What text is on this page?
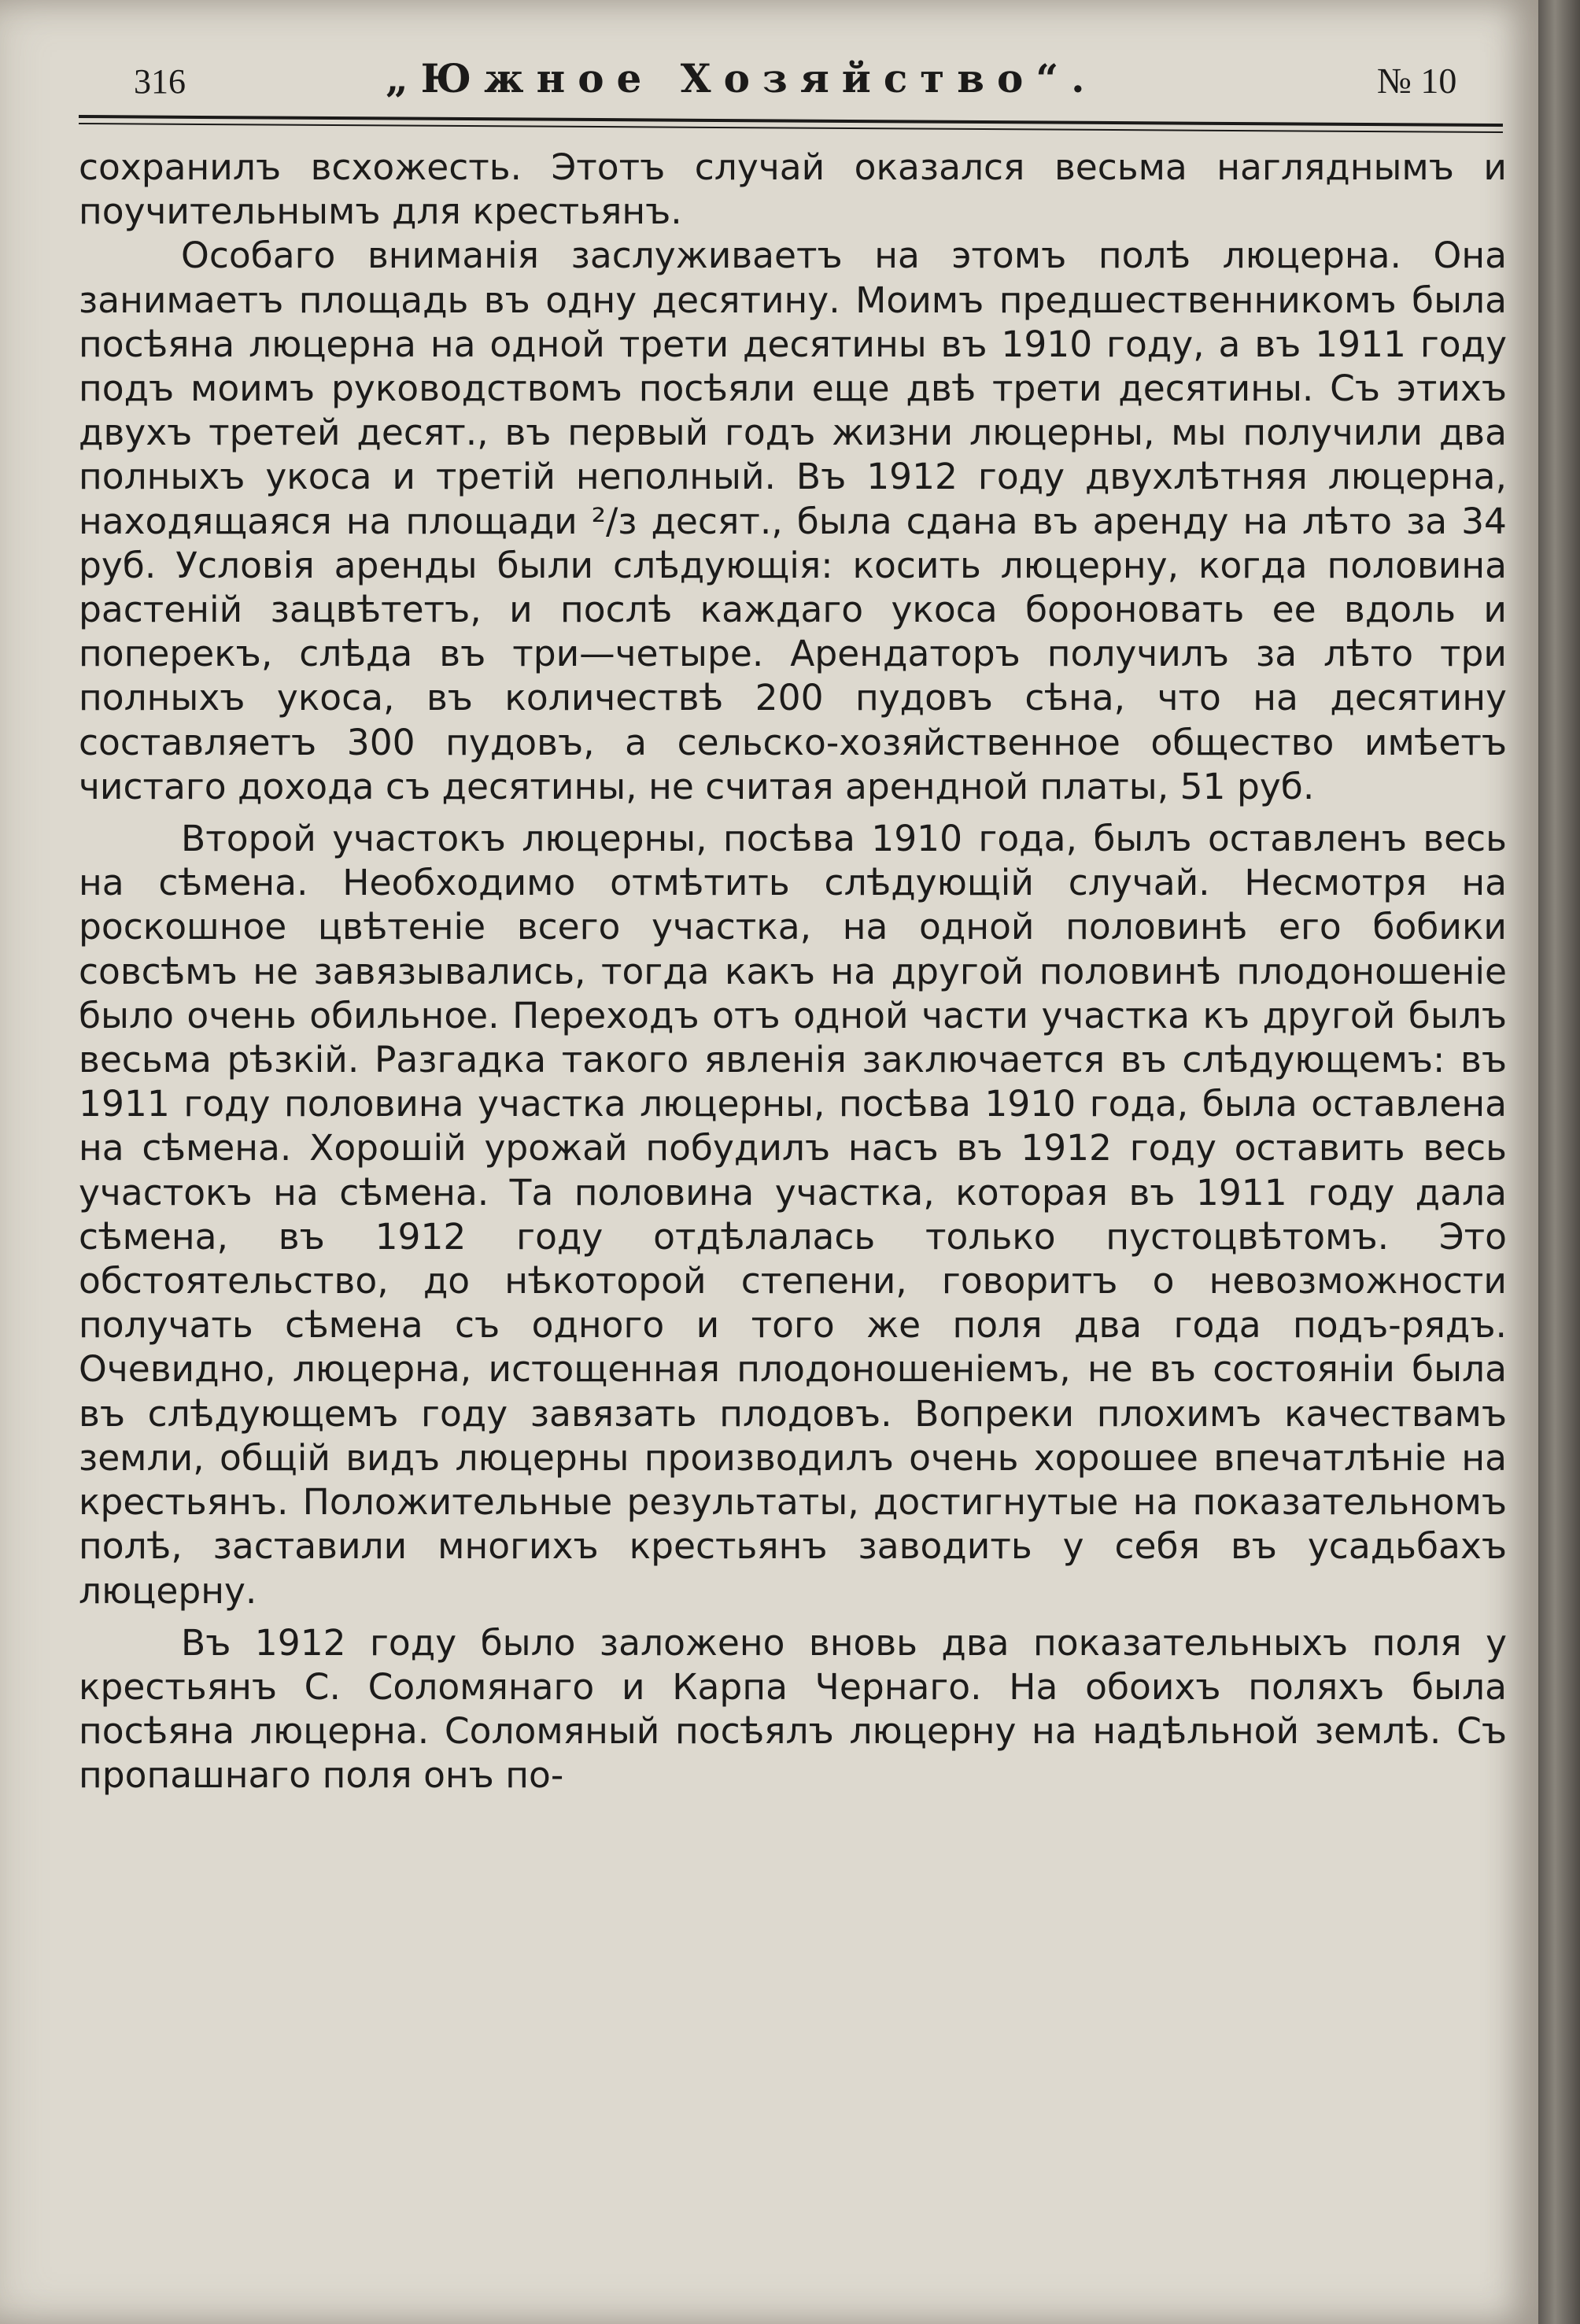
316	„Южное Хозяйство“.	№ 10

сохранилъ всхожесть. Этотъ случай оказался весьма нагляднымъ и поучительнымъ для крестьянъ.

Особаго вниманія заслуживаетъ на этомъ полѣ люцерна. Она занимаетъ площадь въ одну десятину. Моимъ предшественникомъ была посѣяна люцерна на одной трети десятины въ 1910 году, а въ 1911 году подъ моимъ руководствомъ посѣяли еще двѣ трети десятины. Съ этихъ двухъ третей десят., въ первый годъ жизни люцерны, мы получили два полныхъ укоса и третій неполный. Въ 1912 году двухлѣтняя люцерна, находящаяся на площади ²/з десят., была сдана въ аренду на лѣто за 34 руб. Условія аренды были слѣдующія: косить люцерну, когда половина растеній зацвѣтетъ, и послѣ каждаго укоса бороновать ее вдоль и поперекъ, слѣда въ три—четыре. Арендаторъ получилъ за лѣто три полныхъ укоса, въ количествѣ 200 пудовъ сѣна, что на десятину составляетъ 300 пудовъ, а сельско-хозяйственное общество имѣетъ чистаго дохода съ десятины, не считая арендной платы, 51 руб.

Второй участокъ люцерны, посѣва 1910 года, былъ оставленъ весь на сѣмена. Необходимо отмѣтить слѣдующій случай. Несмотря на роскошное цвѣтеніе всего участка, на одной половинѣ его бобики совсѣмъ не завязывались, тогда какъ на другой половинѣ плодоношеніе было очень обильное. Переходъ отъ одной части участка къ другой былъ весьма рѣзкій. Разгадка такого явленія заключается въ слѣдующемъ: въ 1911 году половина участка люцерны, посѣва 1910 года, была оставлена на сѣмена. Хорошій урожай побудилъ насъ въ 1912 году оставить весь участокъ на сѣмена. Та половина участка, которая въ 1911 году дала сѣмена, въ 1912 году отдѣлалась только пустоцвѣтомъ. Это обстоятельство, до нѣкоторой степени, говоритъ о невозможности получать сѣмена съ одного и того же поля два года подъ-рядъ. Очевидно, люцерна, истощенная плодоношеніемъ, не въ состояніи была въ слѣдующемъ году завязать плодовъ. Вопреки плохимъ качествамъ земли, общій видъ люцерны производилъ очень хорошее впечатлѣніе на крестьянъ. Положительные результаты, достигнутые на показательномъ полѣ, заставили многихъ крестьянъ заводить у себя въ усадьбахъ люцерну.

Въ 1912 году было заложено вновь два показательныхъ поля у крестьянъ С. Соломянаго и Карпа Чернаго. На обоихъ поляхъ была посѣяна люцерна. Соломяный посѣялъ люцерну на надѣльной землѣ. Съ пропашнаго поля онъ по-
